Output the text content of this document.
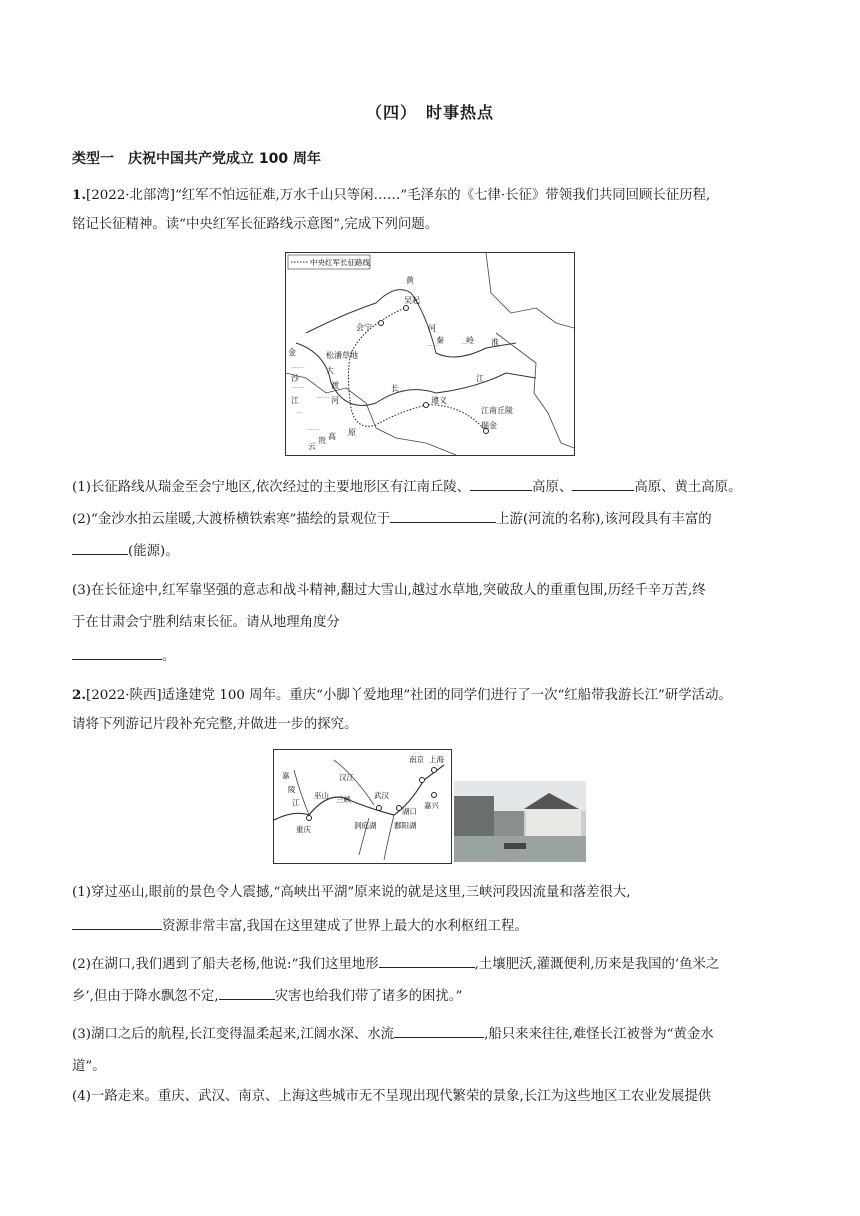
（四）　时事热点
类型一　庆祝中国共产党成立 100 周年
1.[2022·北部湾]“红军不怕远征难,万水千山只等闲……”毛泽东的《七律·长征》带领我们共同回顾长征历程,
铭记长征精神。读“中央红军长征路线示意图”,完成下列问题。
中央红军长征路线
⌒⌒	⌒⌒
⌒⌒
⌒⌒
⌒⌒
⌒
⌒⌒
黄
河
会宁
吴起
松潘草地
秦	岭
金
沙
江
大
渡
河
长
江
遵义
江南丘陵
瑞金
云
贵 高 原
淮
(1)长征路线从瑞金至会宁地区,依次经过的主要地形区有江南丘陵、	高原、	高原、黄土高原。
(2)“金沙水拍云崖暖,大渡桥横铁索寒”描绘的景观位于	上游(河流的名称),该河段具有丰富的
(能源)。
(3)在长征途中,红军靠坚强的意志和战斗精神,翻过大雪山,越过水草地,突破敌人的重重包围,历经千辛万苦,终
于在甘肃会宁胜利结束长征。请从地理角度分
。
2.[2022·陕西]适逢建党 100 周年。重庆“小脚丫爱地理”社团的同学们进行了一次“红船带我游长江”研学活动。
请将下列游记片段补充完整,并做进一步的探究。
汉江
南京 上海
嘉
陵
江
巫山 三峡	武汉
湖口
嘉兴
重庆	洞庭湖 鄱阳湖
(1)穿过巫山,眼前的景色令人震撼,“高峡出平湖”原来说的就是这里,三峡河段因流量和落差很大,
资源非常丰富,我国在这里建成了世界上最大的水利枢纽工程。
(2)在湖口,我们遇到了船夫老杨,他说:“我们这里地形	,土壤肥沃,灌溉便利,历来是我国的‘鱼米之
乡’,但由于降水飘忽不定,	灾害也给我们带了诸多的困扰。”
(3)湖口之后的航程,长江变得温柔起来,江阔水深、水流	,船只来来往往,难怪长江被誉为“黄金水
道”。
(4)一路走来。重庆、武汉、南京、上海这些城市无不呈现出现代繁荣的景象,长江为这些地区工农业发展提供
